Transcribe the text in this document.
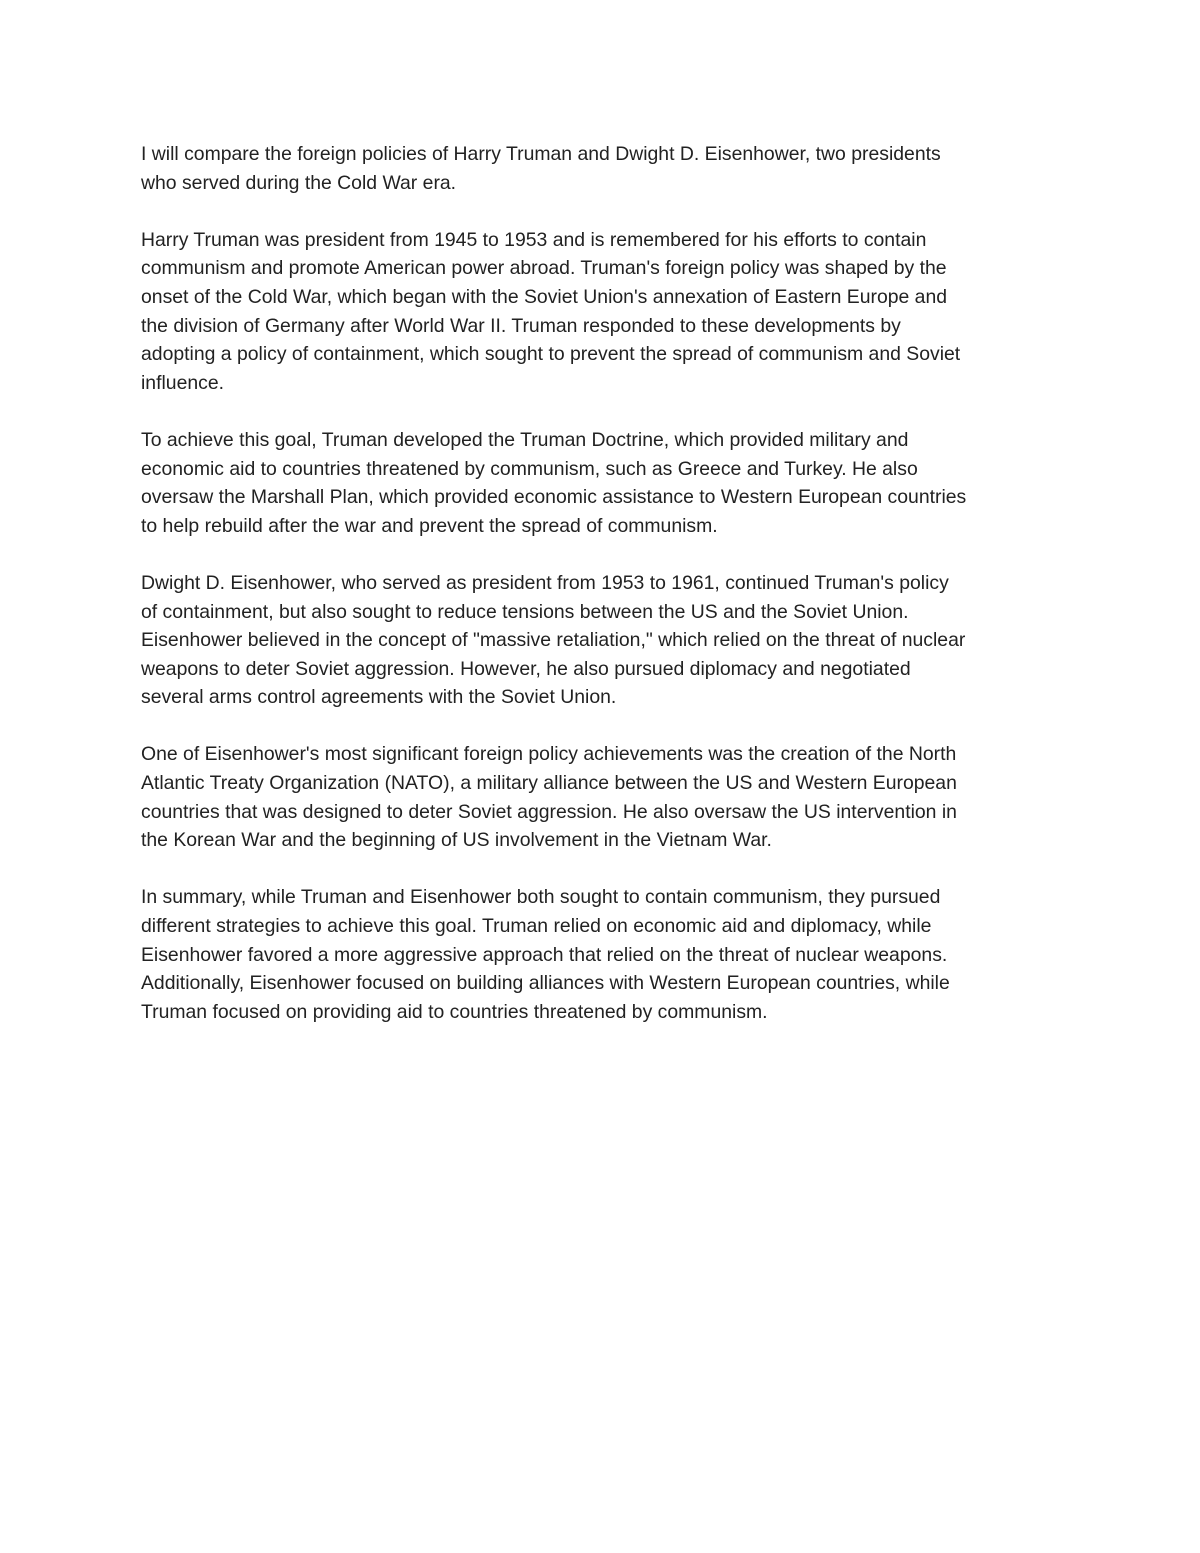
I will compare the foreign policies of Harry Truman and Dwight D. Eisenhower, two presidents
who served during the Cold War era.

Harry Truman was president from 1945 to 1953 and is remembered for his efforts to contain
communism and promote American power abroad. Truman's foreign policy was shaped by the
onset of the Cold War, which began with the Soviet Union's annexation of Eastern Europe and
the division of Germany after World War II. Truman responded to these developments by
adopting a policy of containment, which sought to prevent the spread of communism and Soviet
influence.

To achieve this goal, Truman developed the Truman Doctrine, which provided military and
economic aid to countries threatened by communism, such as Greece and Turkey. He also
oversaw the Marshall Plan, which provided economic assistance to Western European countries
to help rebuild after the war and prevent the spread of communism.

Dwight D. Eisenhower, who served as president from 1953 to 1961, continued Truman's policy
of containment, but also sought to reduce tensions between the US and the Soviet Union.
Eisenhower believed in the concept of "massive retaliation," which relied on the threat of nuclear
weapons to deter Soviet aggression. However, he also pursued diplomacy and negotiated
several arms control agreements with the Soviet Union.

One of Eisenhower's most significant foreign policy achievements was the creation of the North
Atlantic Treaty Organization (NATO), a military alliance between the US and Western European
countries that was designed to deter Soviet aggression. He also oversaw the US intervention in
the Korean War and the beginning of US involvement in the Vietnam War.

In summary, while Truman and Eisenhower both sought to contain communism, they pursued
different strategies to achieve this goal. Truman relied on economic aid and diplomacy, while
Eisenhower favored a more aggressive approach that relied on the threat of nuclear weapons.
Additionally, Eisenhower focused on building alliances with Western European countries, while
Truman focused on providing aid to countries threatened by communism.
